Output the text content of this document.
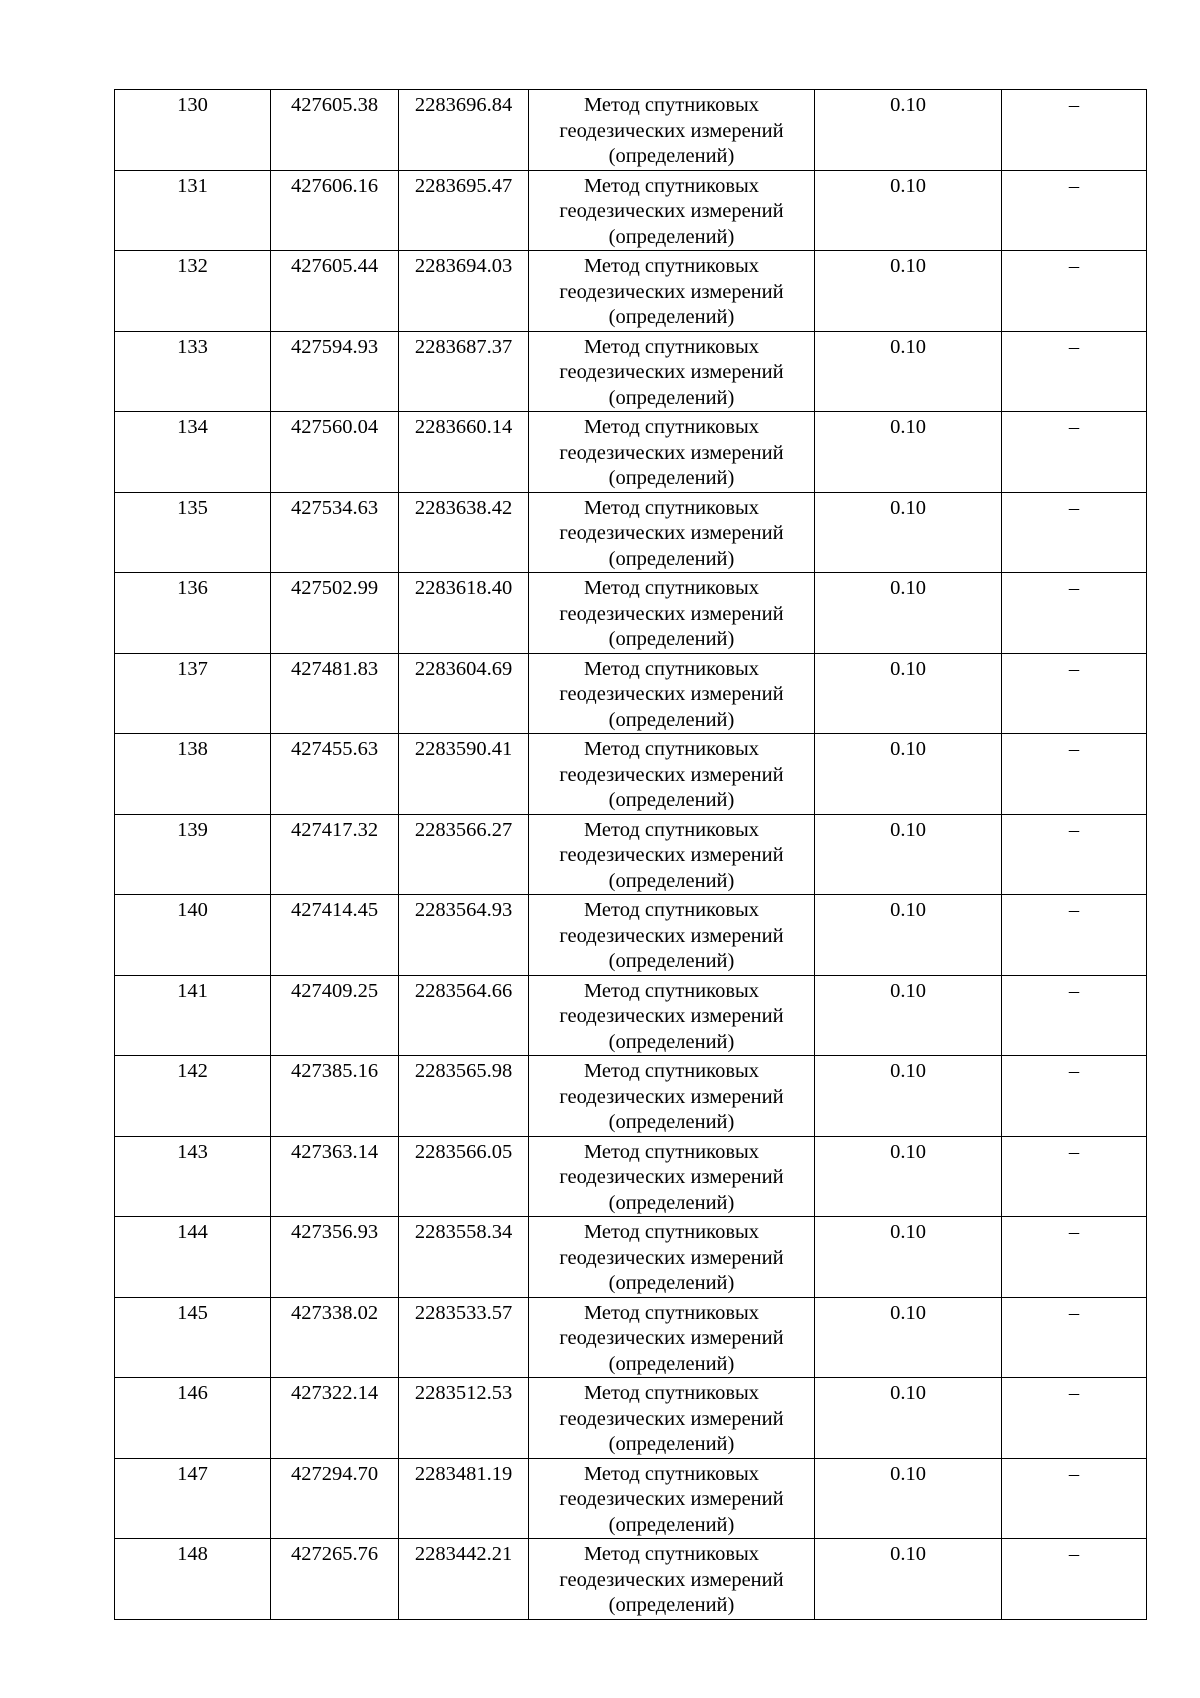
130	427605.38	2283696.84	Метод спутниковых
геодезических измерений
(определений)	0.10	–
131	427606.16	2283695.47	Метод спутниковых
геодезических измерений
(определений)	0.10	–
132	427605.44	2283694.03	Метод спутниковых
геодезических измерений
(определений)	0.10	–
133	427594.93	2283687.37	Метод спутниковых
геодезических измерений
(определений)	0.10	–
134	427560.04	2283660.14	Метод спутниковых
геодезических измерений
(определений)	0.10	–
135	427534.63	2283638.42	Метод спутниковых
геодезических измерений
(определений)	0.10	–
136	427502.99	2283618.40	Метод спутниковых
геодезических измерений
(определений)	0.10	–
137	427481.83	2283604.69	Метод спутниковых
геодезических измерений
(определений)	0.10	–
138	427455.63	2283590.41	Метод спутниковых
геодезических измерений
(определений)	0.10	–
139	427417.32	2283566.27	Метод спутниковых
геодезических измерений
(определений)	0.10	–
140	427414.45	2283564.93	Метод спутниковых
геодезических измерений
(определений)	0.10	–
141	427409.25	2283564.66	Метод спутниковых
геодезических измерений
(определений)	0.10	–
142	427385.16	2283565.98	Метод спутниковых
геодезических измерений
(определений)	0.10	–
143	427363.14	2283566.05	Метод спутниковых
геодезических измерений
(определений)	0.10	–
144	427356.93	2283558.34	Метод спутниковых
геодезических измерений
(определений)	0.10	–
145	427338.02	2283533.57	Метод спутниковых
геодезических измерений
(определений)	0.10	–
146	427322.14	2283512.53	Метод спутниковых
геодезических измерений
(определений)	0.10	–
147	427294.70	2283481.19	Метод спутниковых
геодезических измерений
(определений)	0.10	–
148	427265.76	2283442.21	Метод спутниковых
геодезических измерений
(определений)	0.10	–
